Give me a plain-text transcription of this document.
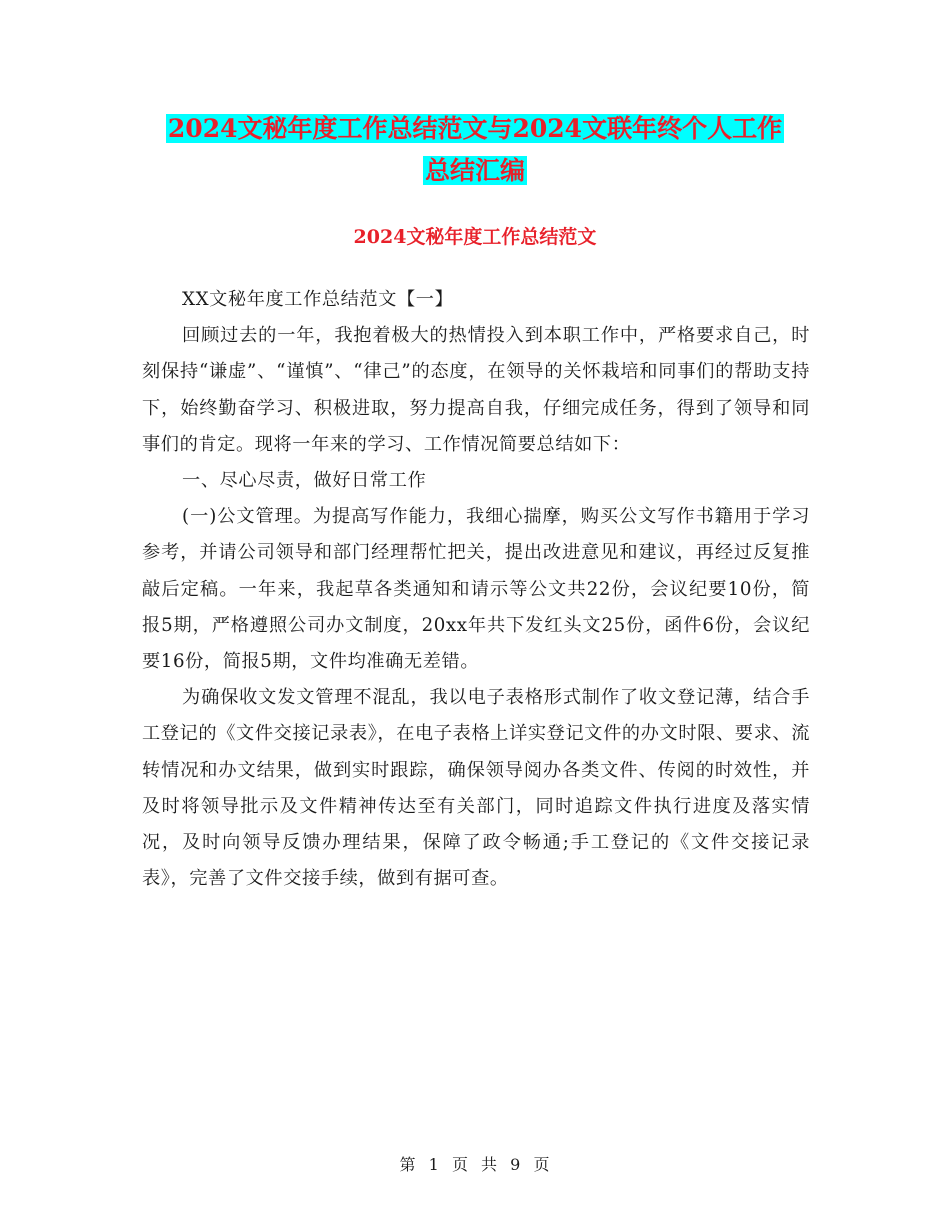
2024文秘年度工作总结范文与2024文联年终个人工作
总结汇编
2024文秘年度工作总结范文

XX文秘年度工作总结范文【一】

回顾过去的一年，我抱着极大的热情投入到本职工作中，严格要求自己，时刻保持“谦虚”、“谨慎”、“律己”的态度，在领导的关怀栽培和同事们的帮助支持下，始终勤奋学习、积极进取，努力提高自我，仔细完成任务，得到了领导和同事们的肯定。现将一年来的学习、工作情况简要总结如下：

一、尽心尽责，做好日常工作

(一)公文管理。为提高写作能力，我细心揣摩，购买公文写作书籍用于学习参考，并请公司领导和部门经理帮忙把关，提出改进意见和建议，再经过反复推敲后定稿。一年来，我起草各类通知和请示等公文共22份，会议纪要10份，简报5期，严格遵照公司办文制度，20xx年共下发红头文25份，函件6份，会议纪要16份，简报5期，文件均准确无差错。

为确保收文发文管理不混乱，我以电子表格形式制作了收文登记薄，结合手工登记的《文件交接记录表》，在电子表格上详实登记文件的办文时限、要求、流转情况和办文结果，做到实时跟踪，确保领导阅办各类文件、传阅的时效性，并及时将领导批示及文件精神传达至有关部门，同时追踪文件执行进度及落实情况，及时向领导反馈办理结果，保障了政令畅通;手工登记的《文件交接记录表》，完善了文件交接手续，做到有据可查。

第 1 页 共 9 页
